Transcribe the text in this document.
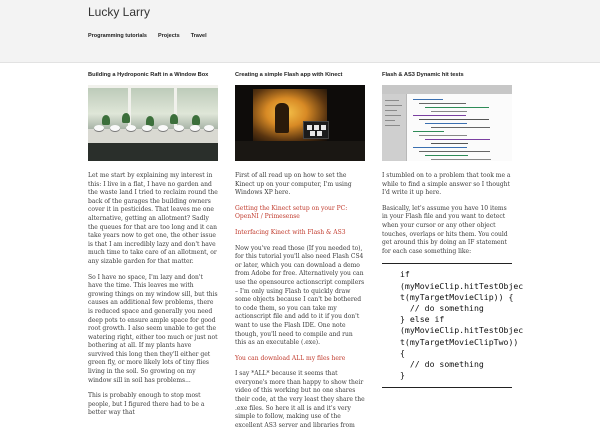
Lucky Larry
Programming tutorials Projects Travel
Building a Hydroponic Raft in a Window Box

Let me start by explaining my interest in this: I live in a flat, I have no garden and the waste land I tried to reclaim round the back of the garages the building owners cover it in pesticides. That leaves me one alternative, getting an allotment? Sadly the queues for that are too long and it can take years now to get one, the other issue is that I am incredibly lazy and don't have much time to take care of an allotment, or any sizable garden for that matter.

So I have no space, I'm lazy and don't have the time. This leaves me with growing things on my window sill, but this causes an additional few problems, there is reduced space and generally you need deep pots to ensure ample space for good root growth. I also seem unable to get the watering right, either too much or just not bothering at all. If my plants have survived this long then they'll either get green fly, or more likely lots of tiny flies living in the soil. So growing on my window sill in soil has problems...

This is probably enough to stop most people, but I figured there had to be a better way that

Creating a simple Flash app with Kinect

First of all read up on how to set the Kinect up on your computer, I'm using Windows XP here.

Getting the Kinect setup on your PC: OpenNI / Primesense

Interfacing Kinect with Flash & AS3

Now you've read those (If you needed to), for this tutorial you'll also need Flash CS4 or later, which you can download a demo from Adobe for free. Alternatively you can use the opensource actionscript compilers – I'm only using Flash to quickly draw some objects because I can't be bothered to code them, so you can take my actionscript file and add to it if you don't want to use the Flash IDE. One note though, you'll need to compile and run this as an executable (.exe).

You can download ALL my files here

I say *ALL* because it seems that everyone's more than happy to show their video of this working but no one shares their code, at the very least they share the .exe files. So here it all is and it's very simple to follow, making use of the excellent AS3 server and libraries from

Flash & AS3 Dynamic hit tests

I stumbled on to a problem that took me a while to find a simple answer so I thought I'd write it up here.

Basically, let's assume you have 10 items in your Flash file and you want to detect when your cursor or any other object touches, overlaps or hits them. You could get around this by doing an IF statement for each case something like:

if
(myMovieClip.hitTestObjec
t(myTargetMovieClip)) {
// do something
} else if
(myMovieClip.hitTestObjec
t(myTargetMovieClipTwo))
{
// do something
}
